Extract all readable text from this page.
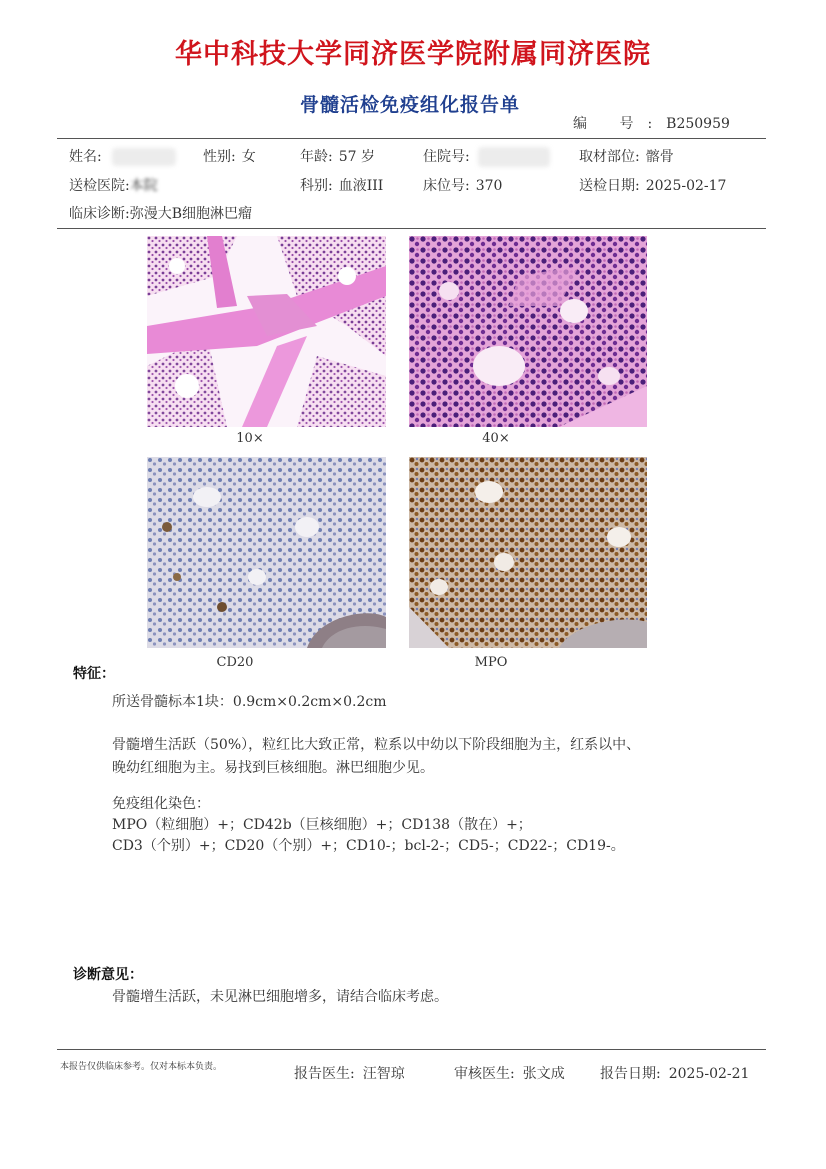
华中科技大学同济医学院附属同济医院
骨髓活检免疫组化报告单
编 号:B250959
姓名:	性别: 女	年龄: 57 岁	住院号:	取材部位: 髂骨
送检医院:本院	科别: 血液III	床位号: 370	送检日期: 2025-02-17
临床诊断:弥漫大B细胞淋巴瘤
10×	40×
CD20	MPO
特征：
所送骨髓标本1块：0.9cm×0.2cm×0.2cm
骨髓增生活跃（50%），粒红比大致正常，粒系以中幼以下阶段细胞为主，红系以中、
晚幼红细胞为主。易找到巨核细胞。淋巴细胞少见。
免疫组化染色：
MPO（粒细胞）+；CD42b（巨核细胞）+；CD138（散在）+；
CD3（个别）+；CD20（个别）+；CD10-；bcl-2-；CD5-；CD22-；CD19-。
诊断意见：
骨髓增生活跃，未见淋巴细胞增多，请结合临床考虑。
本报告仅供临床参考。仅对本标本负责。	报告医生: 汪智琼	审核医生: 张文成	报告日期: 2025-02-21
